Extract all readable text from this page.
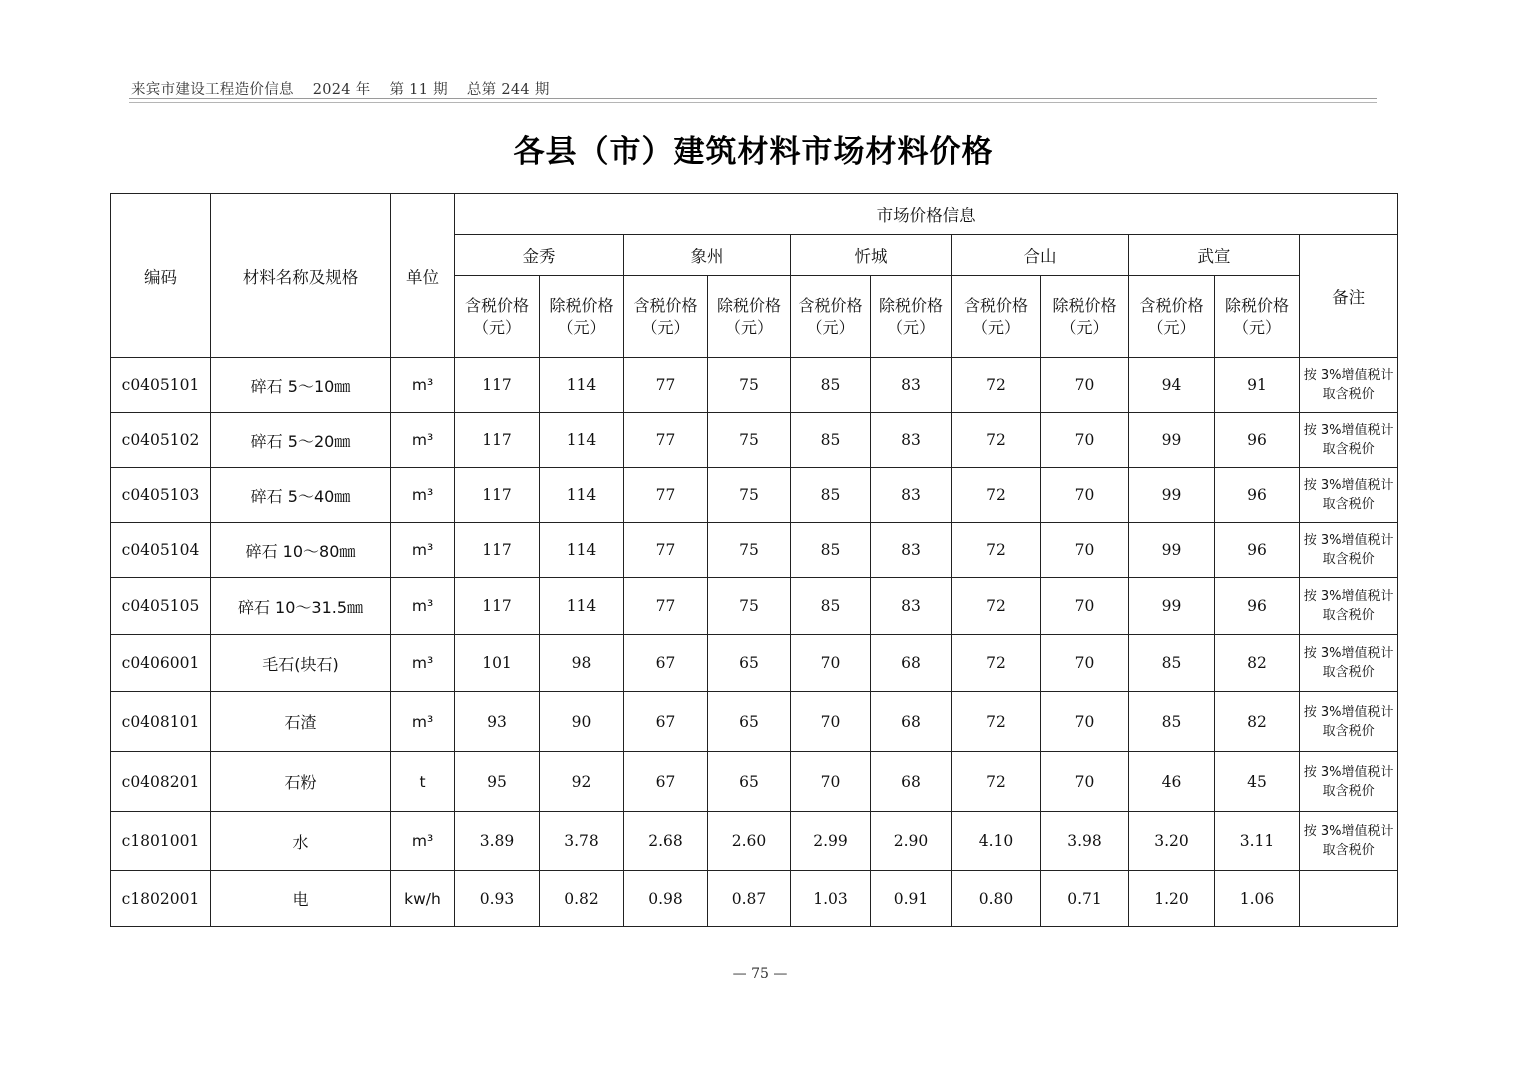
来宾市建设工程造价信息 2024 年 第 11 期 总第 244 期
各县（市）建筑材料市场材料价格
编码	材料名称及规格	单位	市场价格信息										
			金秀		象州		忻城		合山		武宣		备注
			含税价格（元）	除税价格（元）	含税价格（元）	除税价格（元）	含税价格（元）	除税价格（元）	含税价格（元）	除税价格（元）	含税价格（元）	除税价格（元）	
c0405101	碎石 5～10㎜	m³	117	114	77	75	85	83	72	70	94	91	按 3%增值税计取含税价
c0405102	碎石 5～20㎜	m³	117	114	77	75	85	83	72	70	99	96	按 3%增值税计取含税价
c0405103	碎石 5～40㎜	m³	117	114	77	75	85	83	72	70	99	96	按 3%增值税计取含税价
c0405104	碎石 10～80㎜	m³	117	114	77	75	85	83	72	70	99	96	按 3%增值税计取含税价
c0405105	碎石 10～31.5㎜	m³	117	114	77	75	85	83	72	70	99	96	按 3%增值税计取含税价
c0406001	毛石(块石)	m³	101	98	67	65	70	68	72	70	85	82	按 3%增值税计取含税价
c0408101	石渣	m³	93	90	67	65	70	68	72	70	85	82	按 3%增值税计取含税价
c0408201	石粉	t	95	92	67	65	70	68	72	70	46	45	按 3%增值税计取含税价
c1801001	水	m³	3.89	3.78	2.68	2.60	2.99	2.90	4.10	3.98	3.20	3.11	按 3%增值税计取含税价
c1802001	电	kw/h	0.93	0.82	0.98	0.87	1.03	0.91	0.80	0.71	1.20	1.06	
— 75 —
